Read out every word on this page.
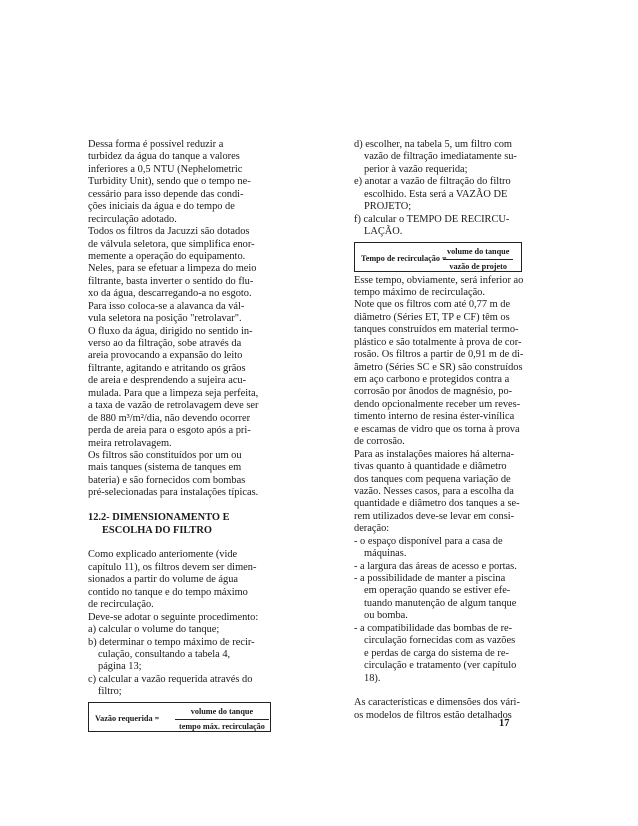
Dessa forma é possível reduzir a
turbidez da água do tanque a valores
inferiores a 0,5 NTU (Nephelometric
Turbidity Unit), sendo que o tempo ne-
cessário para isso depende das condi-
ções iniciais da água e do tempo de
recirculação adotado.
Todos os filtros da Jacuzzi são dotados
de válvula seletora, que simplifica enor-
memente a operação do equipamento.
Neles, para se efetuar a limpeza do meio
filtrante, basta inverter o sentido do flu-
xo da água, descarregando-a no esgoto.
Para isso coloca-se a alavanca da vál-
vula seletora na posição "retrolavar".
O fluxo da água, dirigido no sentido in-
verso ao da filtração, sobe através da
areia provocando a expansão do leito
filtrante, agitando e atritando os grãos
de areia e desprendendo a sujeira acu-
mulada. Para que a limpeza seja perfeita,
a taxa de vazão de retrolavagem deve ser
de 880 m³/m²/dia, não devendo ocorrer
perda de areia para o esgoto após a pri-
meira retrolavagem.
Os filtros são constituídos por um ou
mais tanques (sistema de tanques em
bateria) e são fornecidos com bombas
pré-selecionadas para instalações típicas.
12.2- DIMENSIONAMENTO E
ESCOLHA DO FILTRO
Como explicado anteriomente (vide
capítulo 11), os filtros devem ser dimen-
sionados a partir do volume de água
contido no tanque e do tempo máximo
de recirculação.
Deve-se adotar o seguinte procedimento:
a) calcular o volume do tanque;
b) determinar o tempo máximo de recir-
culação, consultando a tabela 4,
página 13;
c) calcular a vazão requerida através do
filtro;
Vazão requerida =
volume do tanque
tempo máx. recirculação
d) escolher, na tabela 5, um filtro com
vazão de filtração imediatamente su-
perior à vazão requerida;
e) anotar a vazão de filtração do filtro
escolhido. Esta será a VAZÃO DE
PROJETO;
f) calcular o TEMPO DE RECIRCU-
LAÇÃO.
Tempo de recirculação =
volume do tanque
vazão de projeto
Esse tempo, obviamente, será inferior ao
tempo máximo de recirculação.
Note que os filtros com até 0,77 m de
diâmetro (Séries ET, TP e CF) têm os
tanques construídos em material termo-
plástico e são totalmente à prova de cor-
rosão. Os filtros a partir de 0,91 m de di-
âmetro (Séries SC e SR) são construídos
em aço carbono e protegidos contra a
corrosão por ânodos de magnésio, po-
dendo opcionalmente receber um reves-
timento interno de resina éster-vinílica
e escamas de vidro que os torna à prova
de corrosão.
Para as instalações maiores há alterna-
tivas quanto à quantidade e diâmetro
dos tanques com pequena variação de
vazão. Nesses casos, para a escolha da
quantidade e diâmetro dos tanques a se-
rem utilizados deve-se levar em consi-
deração:
- o espaço disponível para a casa de
máquinas.
- a largura das áreas de acesso e portas.
- a possibilidade de manter a piscina
em operação quando se estiver efe-
tuando manutenção de algum tanque
ou bomba.
- a compatibilidade das bombas de re-
circulação fornecidas com as vazões
e perdas de carga do sistema de re-
circulação e tratamento (ver capítulo
18).

As características e dimensões dos vári-
os modelos de filtros estão detalhados
17
